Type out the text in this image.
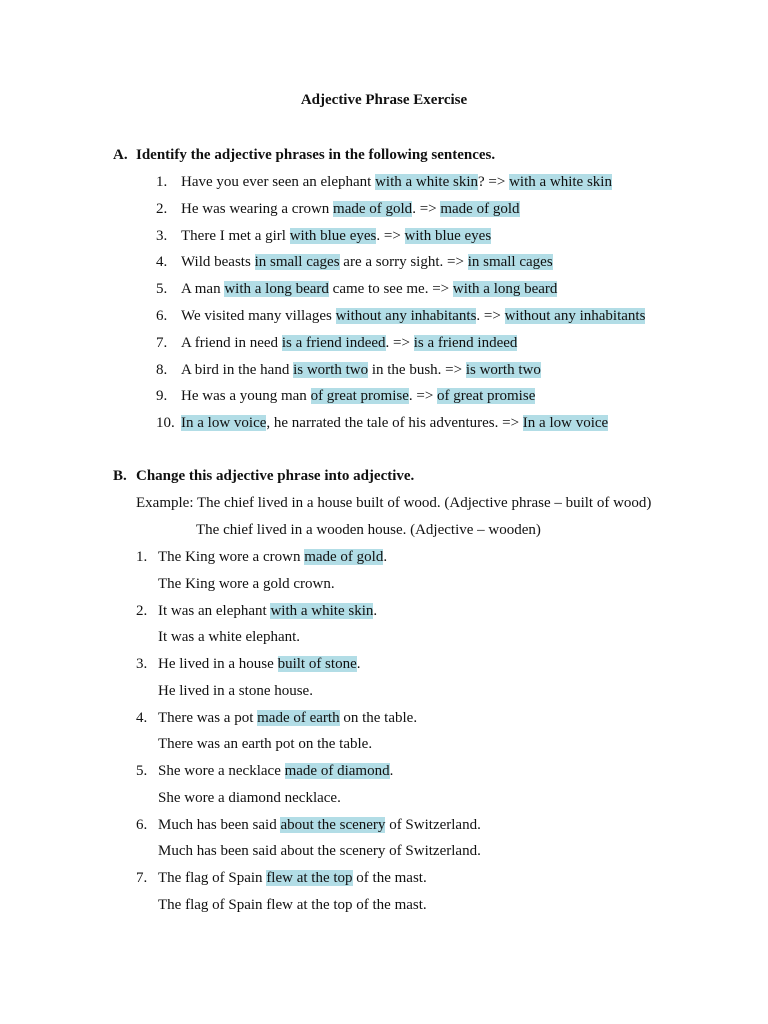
Adjective Phrase Exercise
A. Identify the adjective phrases in the following sentences.
1. Have you ever seen an elephant with a white skin? => with a white skin
2. He was wearing a crown made of gold. => made of gold
3. There I met a girl with blue eyes. => with blue eyes
4. Wild beasts in small cages are a sorry sight. => in small cages
5. A man with a long beard came to see me. => with a long beard
6. We visited many villages without any inhabitants. => without any inhabitants
7. A friend in need is a friend indeed. => is a friend indeed
8. A bird in the hand is worth two in the bush. => is worth two
9. He was a young man of great promise. => of great promise
10. In a low voice, he narrated the tale of his adventures. => In a low voice
B. Change this adjective phrase into adjective.
Example: The chief lived in a house built of wood. (Adjective phrase – built of wood)
The chief lived in a wooden house. (Adjective – wooden)
1. The King wore a crown made of gold.
The King wore a gold crown.
2. It was an elephant with a white skin.
It was a white elephant.
3. He lived in a house built of stone.
He lived in a stone house.
4. There was a pot made of earth on the table.
There was an earth pot on the table.
5. She wore a necklace made of diamond.
She wore a diamond necklace.
6. Much has been said about the scenery of Switzerland.
Much has been said about the scenery of Switzerland.
7. The flag of Spain flew at the top of the mast.
The flag of Spain flew at the top of the mast.
